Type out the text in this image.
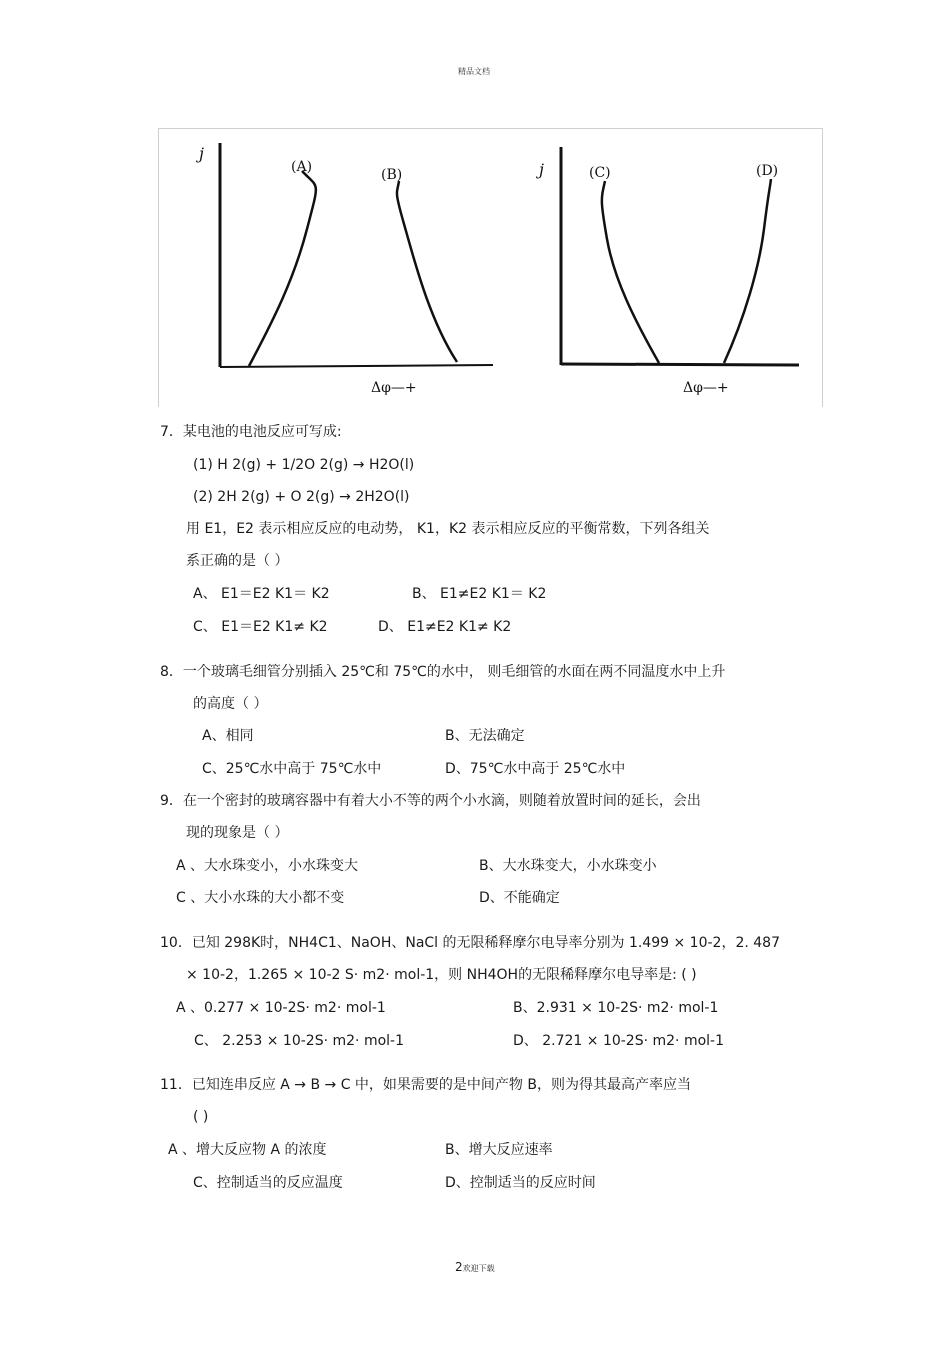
精品文档
j
(A)	(B)
Δφ—+
j	(C)	(D)
Δφ—+
7．某电池的电池反应可写成:
(1) H 2(g) + 1/2O 2(g) → H2O(l)
(2) 2H 2(g) + O 2(g) → 2H2O(l)
用 E1，E2 表示相应反应的电动势， K1，K2 表示相应反应的平衡常数，下列各组关
系正确的是（ ）
A、 E1＝E2 K1＝ K2	B、 E1≠E2 K1＝ K2
C、 E1＝E2 K1≠ K2	D、 E1≠E2 K1≠ K2
8．一个玻璃毛细管分别插入 25℃和 75℃的水中， 则毛细管的水面在两不同温度水中上升
的高度（ ）
A、相同	B、无法确定
C、25℃水中高于 75℃水中	D、75℃水中高于 25℃水中
9．在一个密封的玻璃容器中有着大小不等的两个小水滴，则随着放置时间的延长，会出
现的现象是（ ）
A 、大水珠变小，小水珠变大	B、大水珠变大，小水珠变小
C 、大小水珠的大小都不变	D、不能确定
10．已知 298K时，NH4C1、NaOH、NaCl 的无限稀释摩尔电导率分别为 1.499 × 10-2，2. 487
× 10-2，1.265 × 10-2 S· m2· mol-1，则 NH4OH的无限稀释摩尔电导率是: ( )
A 、0.277 × 10-2S· m2· mol-1	B、2.931 × 10-2S· m2· mol-1
C、 2.253 × 10-2S· m2· mol-1	D、 2.721 × 10-2S· m2· mol-1
11．已知连串反应 A → B → C 中，如果需要的是中间产物 B，则为得其最高产率应当
( )
A 、增大反应物 A 的浓度	B、增大反应速率
C、控制适当的反应温度	D、控制适当的反应时间
2欢迎下载
